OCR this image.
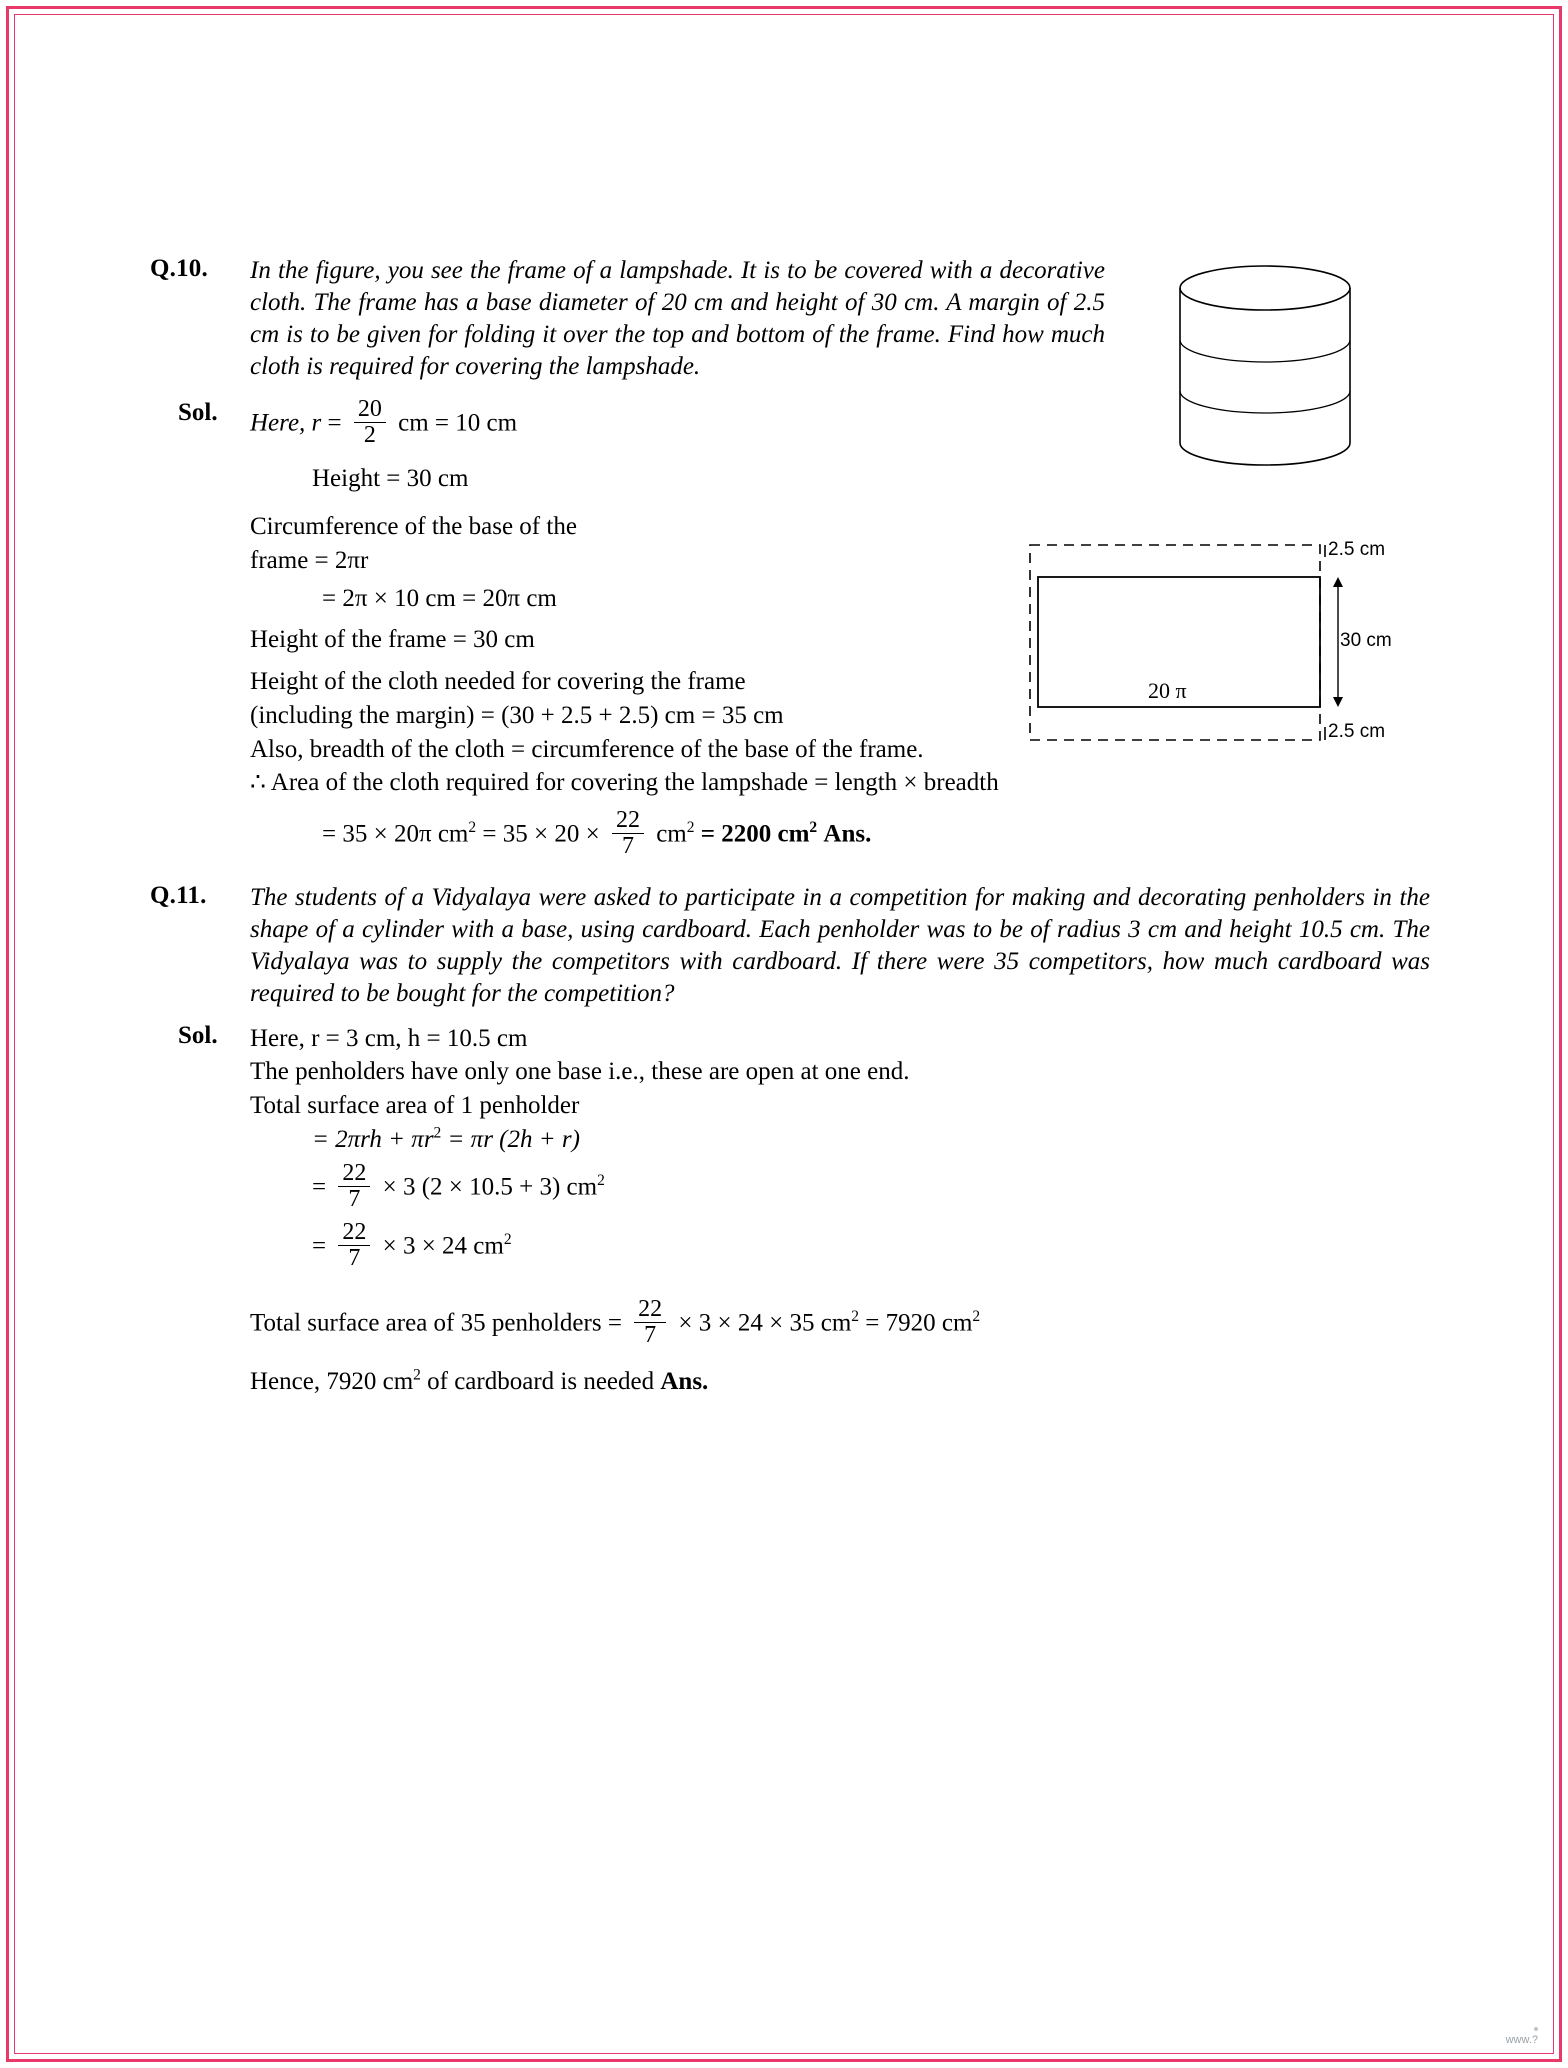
2.5 cm
30 cm
2.5 cm
20 π
Q.10.	In the figure, you see the frame of a lampshade. It is to be covered with a decorative cloth. The frame has a base diameter of 20 cm and height of 30 cm. A margin of 2.5 cm is to be given for folding it over the top and bottom of the frame. Find how much cloth is required for covering the lampshade.
Sol.	Here, $r = \frac{20}{2}$ cm = 10 cm
Height = 30 cm
Circumference of the base of the
frame = 2πr
= 2π × 10 cm = 20π cm
Height of the frame = 30 cm
Height of the cloth needed for covering the frame
(including the margin) = (30 + 2.5 + 2.5) cm = 35 cm
Also, breadth of the cloth = circumference of the base of the frame.
∴ Area of the cloth required for covering the lampshade = length × breadth
= 35 × 20π $cm^2 = 35 \times 20 \times \frac{22}{7} cm^2 = 2200$ $cm^2$ Ans.
Q.11.	The students of a Vidyalaya were asked to participate in a competition for making and decorating penholders in the shape of a cylinder with a base, using cardboard. Each penholder was to be of radius 3 cm and height 10.5 cm. The Vidyalaya was to supply the competitors with cardboard. If there were 35 competitors, how much cardboard was required to be bought for the competition?
Sol.	Here, r = 3 cm, h = 10.5 cm
The penholders have only one base i.e., these are open at one end.
Total surface area of 1 penholder
= $2\pi rh + \pi r^2 = \pi r$ (2h + r)
= $\frac{22}{7} \times 3$ (2 × 10.5 + 3) $cm^2$
= $\frac{22}{7} \times 3 \times 24$ $cm^2$
Total surface area of 35 penholders = $\frac{22}{7} \times 3 \times 24 \times 35$ $cm^2 = 7920$ $cm^2$
Hence, 7920 $cm^2$ of cardboard is needed Ans.
www.?
